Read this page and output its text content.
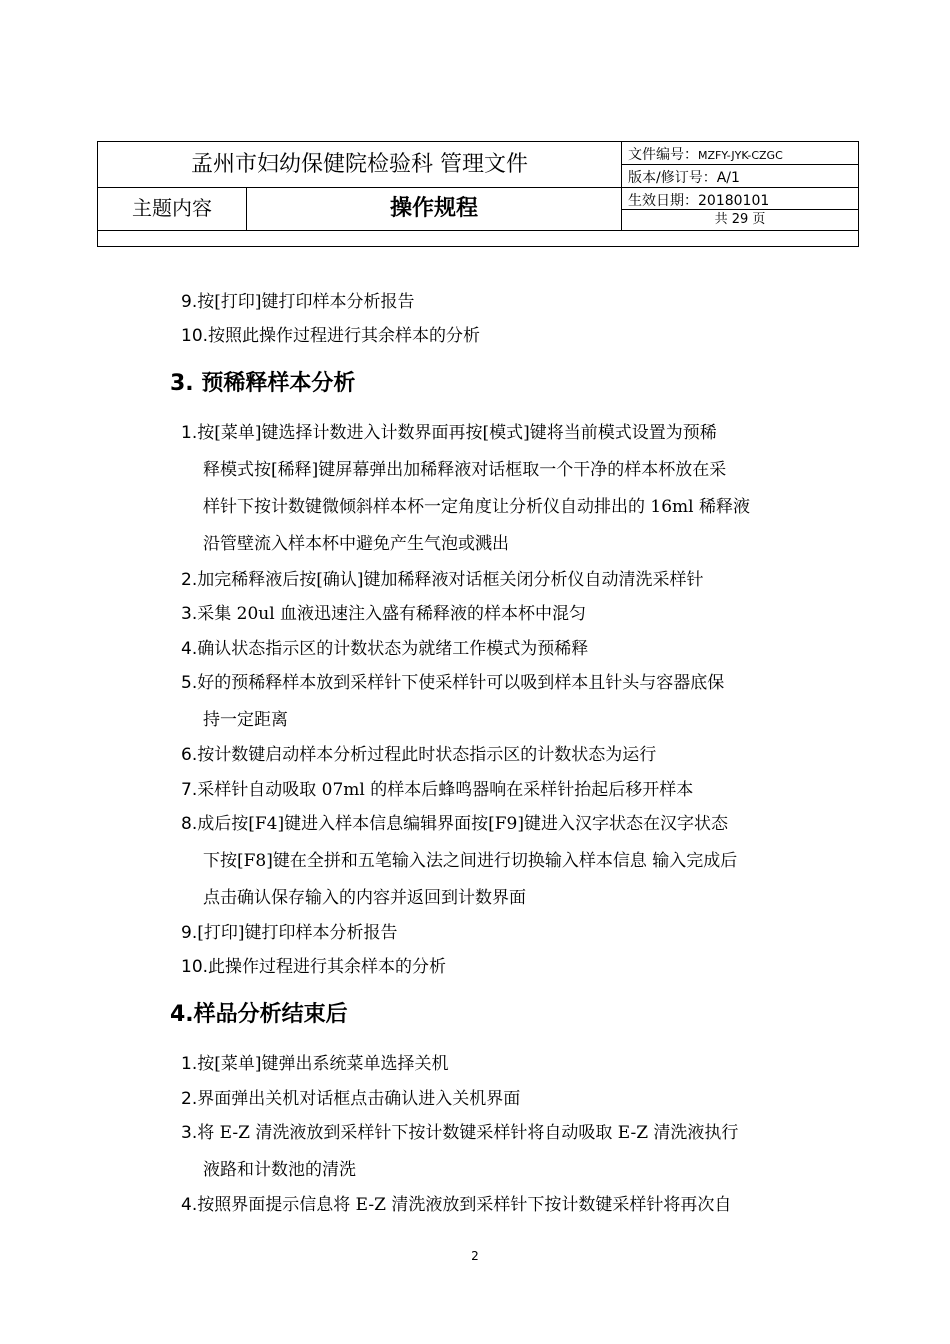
孟州市妇幼保健院检验科 管理文件	文件编号：MZFY-JYK-CZGC
版本/修订号：A/1
生效日期：20180101
主题内容	操作规程	共 29 页
9.按[打印]键打印样本分析报告
10.按照此操作过程进行其余样本的分析
3. 预稀释样本分析
1.按[菜单]键选择计数进入计数界面再按[模式]键将当前模式设置为预稀
释模式按[稀释]键屏幕弹出加稀释液对话框取一个干净的样本杯放在采
样针下按计数键微倾斜样本杯一定角度让分析仪自动排出的 16ml 稀释液
沿管壁流入样本杯中避免产生气泡或溅出
2.加完稀释液后按[确认]键加稀释液对话框关闭分析仪自动清洗采样针
3.采集 20ul 血液迅速注入盛有稀释液的样本杯中混匀
4.确认状态指示区的计数状态为就绪工作模式为预稀释
5.好的预稀释样本放到采样针下使采样针可以吸到样本且针头与容器底保
持一定距离
6.按计数键启动样本分析过程此时状态指示区的计数状态为运行
7.采样针自动吸取 07ml 的样本后蜂鸣器响在采样针抬起后移开样本
8.成后按[F4]键进入样本信息编辑界面按[F9]键进入汉字状态在汉字状态
下按[F8]键在全拼和五笔输入法之间进行切换输入样本信息 输入完成后
点击确认保存输入的内容并返回到计数界面
9.[打印]键打印样本分析报告
10.此操作过程进行其余样本的分析
4.样品分析结束后
1.按[菜单]键弹出系统菜单选择关机
2.界面弹出关机对话框点击确认进入关机界面
3.将 E-Z 清洗液放到采样针下按计数键采样针将自动吸取 E-Z 清洗液执行
液路和计数池的清洗
4.按照界面提示信息将 E-Z 清洗液放到采样针下按计数键采样针将再次自
2
